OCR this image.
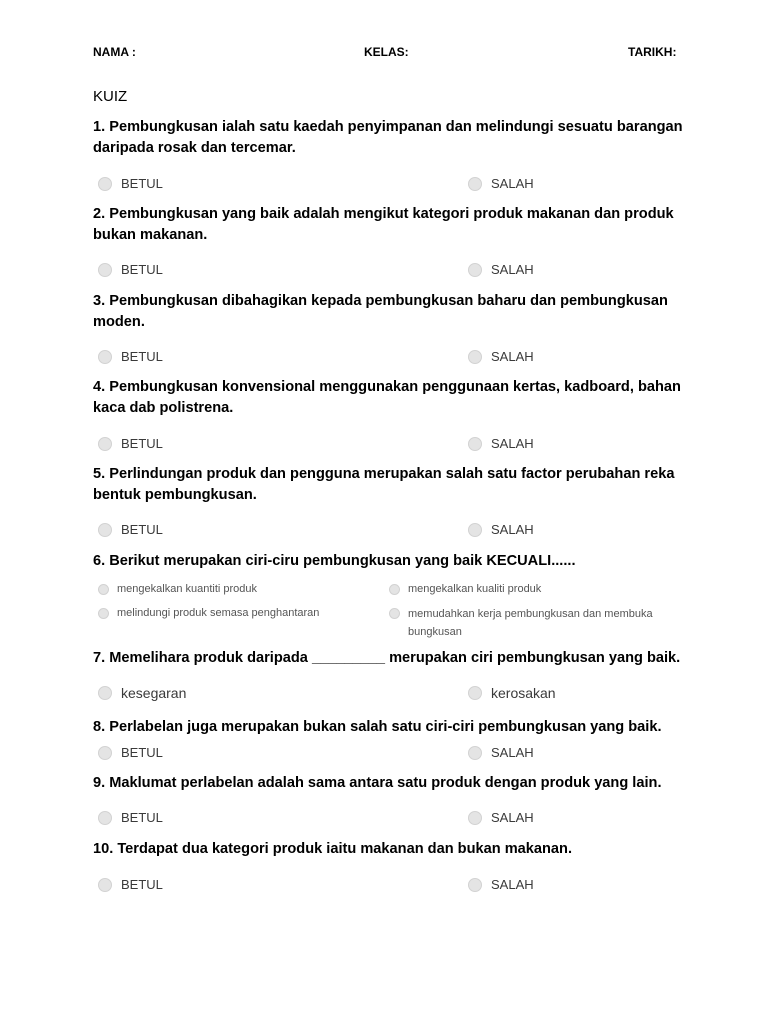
NAMA :	KELAS:	TARIKH:
KUIZ
1. Pembungkusan ialah satu kaedah penyimpanan dan melindungi sesuatu barangan daripada rosak dan tercemar.
BETUL	SALAH
2. Pembungkusan yang baik adalah mengikut kategori produk makanan dan produk bukan makanan.
BETUL	SALAH
3. Pembungkusan dibahagikan kepada pembungkusan baharu dan pembungkusan moden.
BETUL	SALAH
4. Pembungkusan konvensional menggunakan penggunaan kertas, kadboard, bahan kaca dab polistrena.
BETUL	SALAH
5. Perlindungan produk dan pengguna merupakan salah satu factor perubahan reka bentuk pembungkusan.
BETUL	SALAH
6. Berikut merupakan ciri-ciru pembungkusan yang baik KECUALI......
mengekalkan kuantiti produk	mengekalkan kualiti produk
melindungi produk semasa penghantaran	memudahkan kerja pembungkusan dan membuka bungkusan
7. Memelihara produk daripada _________ merupakan ciri pembungkusan yang baik.
kesegaran	kerosakan
8. Perlabelan juga merupakan bukan salah satu ciri-ciri pembungkusan yang baik.
BETUL	SALAH
9. Maklumat perlabelan adalah sama antara satu produk dengan produk yang lain.
BETUL	SALAH
10. Terdapat dua kategori produk iaitu makanan dan bukan makanan.
BETUL	SALAH
